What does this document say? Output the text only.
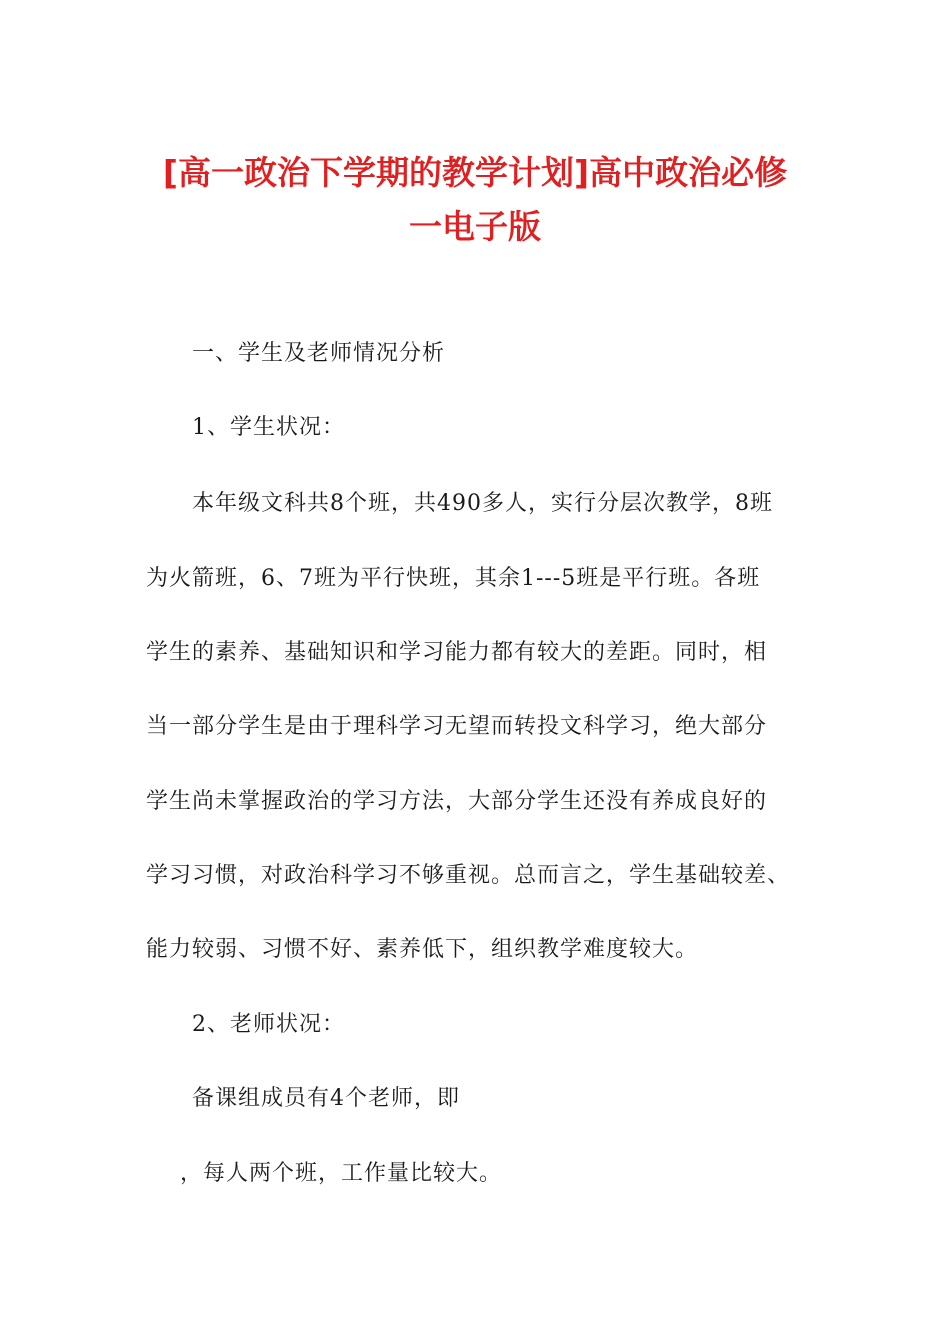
[高一政治下学期的教学计划]高中政治必修
一电子版

一、学生及老师情况分析

1、学生状况：

本年级文科共8个班，共490多人，实行分层次教学，8班

为火箭班，6、7班为平行快班，其余1---5班是平行班。各班

学生的素养、基础知识和学习能力都有较大的差距。同时，相

当一部分学生是由于理科学习无望而转投文科学习，绝大部分

学生尚未掌握政治的学习方法，大部分学生还没有养成良好的

学习习惯，对政治科学习不够重视。总而言之，学生基础较差、

能力较弱、习惯不好、素养低下，组织教学难度较大。

2、老师状况：

备课组成员有4个老师，即

，每人两个班，工作量比较大。
